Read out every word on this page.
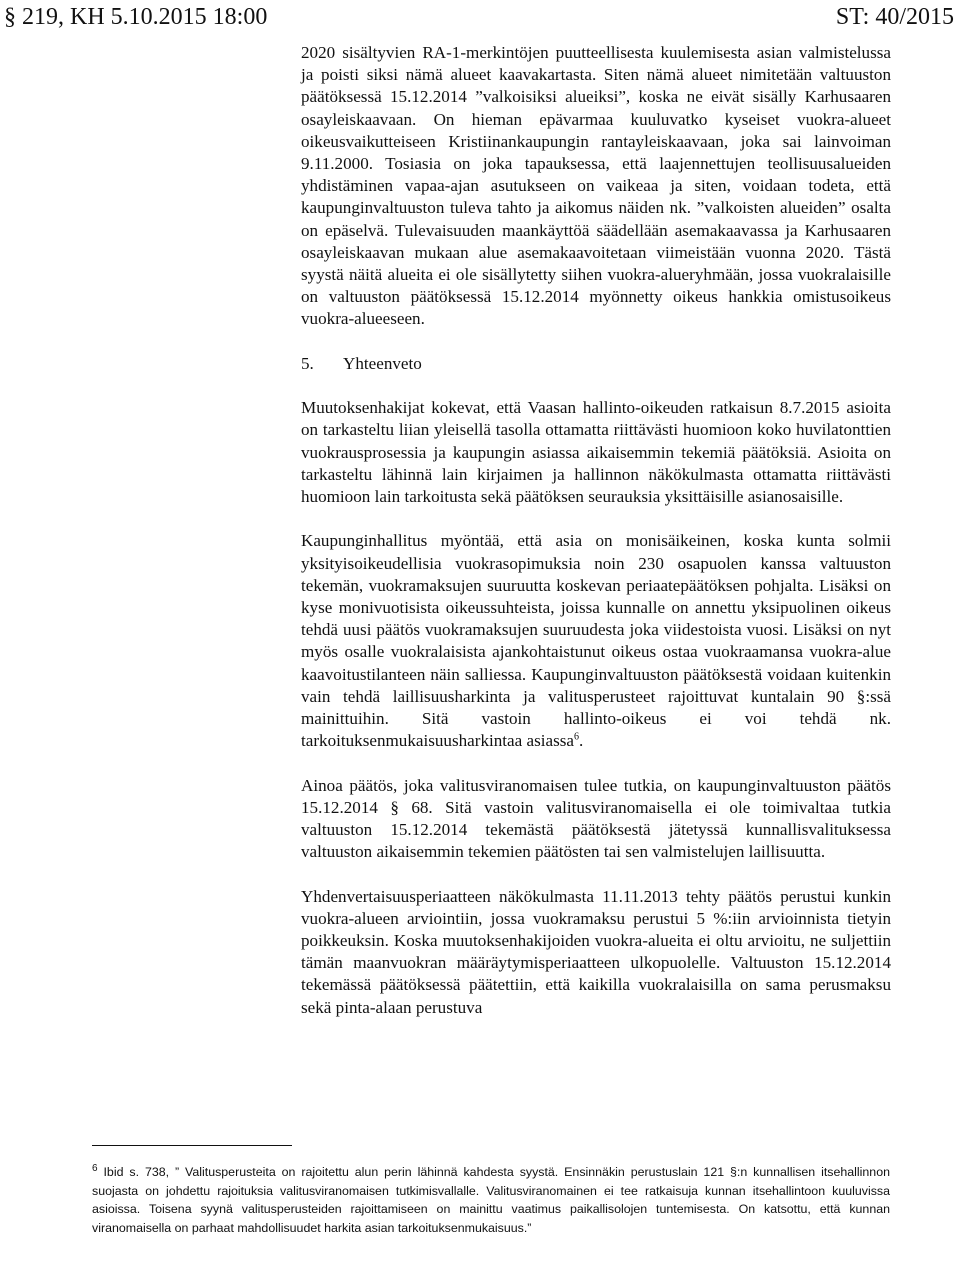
§ 219, KH 5.10.2015 18:00	ST: 40/2015

2020 sisältyvien RA-1-merkintöjen puutteellisesta kuulemisesta asian valmistelussa ja poisti siksi nämä alueet kaavakartasta. Siten nämä alueet nimitetään valtuuston päätöksessä 15.12.2014 ”valkoisiksi alueiksi”, koska ne eivät sisälly Karhusaaren osayleiskaavaan. On hieman epävarmaa kuuluvatko kyseiset vuokra-alueet oikeusvaikutteiseen Kristiinankaupungin rantayleiskaavaan, joka sai lainvoiman 9.11.2000. Tosiasia on joka tapauksessa, että laajennettujen teollisuusalueiden yhdistäminen vapaa-ajan asutukseen on vaikeaa ja siten, voidaan todeta, että kaupunginvaltuuston tuleva tahto ja aikomus näiden nk. ”valkoisten alueiden” osalta on epäselvä. Tulevaisuuden maankäyttöä säädellään asemakaavassa ja Karhusaaren osayleiskaavan mukaan alue asemakaavoitetaan viimeistään vuonna 2020. Tästä syystä näitä alueita ei ole sisällytetty siihen vuokra-alueryhmään, jossa vuokralaisille on valtuuston päätöksessä 15.12.2014 myönnetty oikeus hankkia omistusoikeus vuokra-alueeseen.

5.	Yhteenveto

Muutoksenhakijat kokevat, että Vaasan hallinto-oikeuden ratkaisun 8.7.2015 asioita on tarkasteltu liian yleisellä tasolla ottamatta riittävästi huomioon koko huvilatonttien vuokrausprosessia ja kaupungin asiassa aikaisemmin tekemiä päätöksiä. Asioita on tarkasteltu lähinnä lain kirjaimen ja hallinnon näkökulmasta ottamatta riittävästi huomioon lain tarkoitusta sekä päätöksen seurauksia yksittäisille asianosaisille.

Kaupunginhallitus myöntää, että asia on monisäikeinen, koska kunta solmii yksityisoikeudellisia vuokrasopimuksia noin 230 osapuolen kanssa valtuuston tekemän, vuokramaksujen suuruutta koskevan periaatepäätöksen pohjalta. Lisäksi on kyse monivuotisista oikeussuhteista, joissa kunnalle on annettu yksipuolinen oikeus tehdä uusi päätös vuokramaksujen suuruudesta joka viidestoista vuosi. Lisäksi on nyt myös osalle vuokralaisista ajankohtaistunut oikeus ostaa vuokraamansa vuokra-alue kaavoitustilanteen näin salliessa. Kaupunginvaltuuston päätöksestä voidaan kuitenkin vain tehdä laillisuusharkinta ja valitusperusteet rajoittuvat kuntalain 90 §:ssä mainittuihin. Sitä vastoin hallinto-oikeus ei voi tehdä nk. tarkoituksenmukaisuusharkintaa asiassa$^6$.

Ainoa päätös, joka valitusviranomaisen tulee tutkia, on kaupunginvaltuuston päätös 15.12.2014 § 68. Sitä vastoin valitusviranomaisella ei ole toimivaltaa tutkia valtuuston 15.12.2014 tekemästä päätöksestä jätetyssä kunnallisvalituksessa valtuuston aikaisemmin tekemien päätösten tai sen valmistelujen laillisuutta.

Yhdenvertaisuusperiaatteen näkökulmasta 11.11.2013 tehty päätös perustui kunkin vuokra-alueen arviointiin, jossa vuokramaksu perustui 5 %:iin arvioinnista tietyin poikkeuksin. Koska muutoksenhakijoiden vuokra-alueita ei oltu arvioitu, ne suljettiin tämän maanvuokran määräytymisperiaatteen ulkopuolelle. Valtuuston 15.12.2014 tekemässä päätöksessä päätettiin, että kaikilla vuokralaisilla on sama perusmaksu sekä pinta-alaan perustuva

$^6$ Ibid s. 738, ” Valitusperusteita on rajoitettu alun perin lähinnä kahdesta syystä. Ensinnäkin perustuslain 121 §:n kunnallisen itsehallinnon suojasta on johdettu rajoituksia valitusviranomaisen tutkimisvallalle. Valitusviranomainen ei tee ratkaisuja kunnan itsehallintoon kuuluvissa asioissa. Toisena syynä valitusperusteiden rajoittamiseen on mainittu vaatimus paikallisolojen tuntemisesta. On katsottu, että kunnan viranomaisella on parhaat mahdollisuudet harkita asian tarkoituksenmukaisuus.”
